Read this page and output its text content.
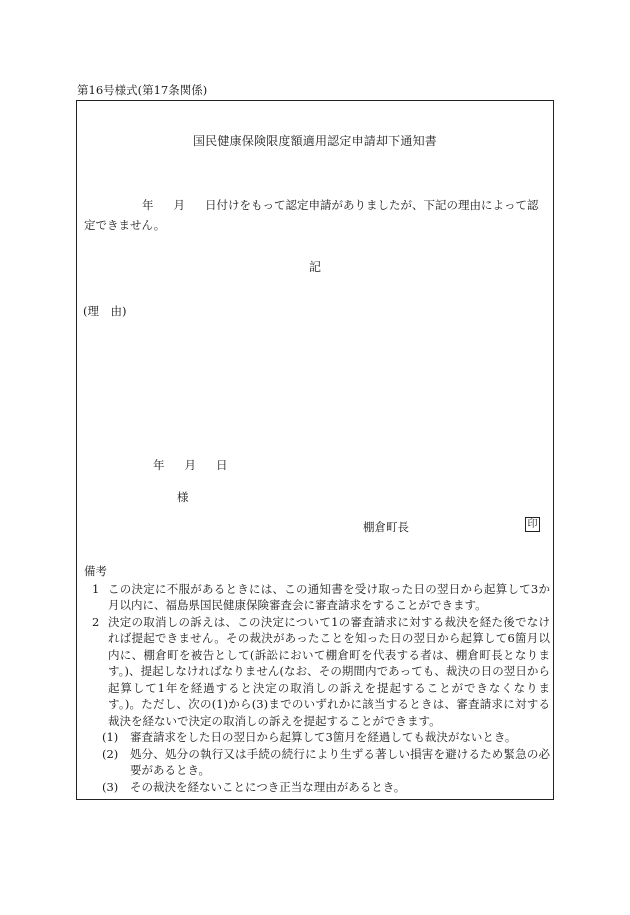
第16号様式(第17条関係)
国民健康保険限度額適用認定申請却下通知書
年 月 日付けをもって認定申請がありましたが、下記の理由によって認定できません。
記
(理　由)
年 月 日
様
棚倉町長	印
備考
1 この決定に不服があるときには、この通知書を受け取った日の翌日から起算して3か月以内に、福島県国民健康保険審査会に審査請求をすることができます。
2 決定の取消しの訴えは、この決定について1の審査請求に対する裁決を経た後でなければ提起できません。その裁決があったことを知った日の翌日から起算して6箇月以内に、棚倉町を被告として(訴訟において棚倉町を代表する者は、棚倉町長となります。)、提起しなければなりません(なお、その期間内であっても、裁決の日の翌日から起算して1年を経過すると決定の取消しの訴えを提起することができなくなります。)。ただし、次の(1)から(3)までのいずれかに該当するときは、審査請求に対する裁決を経ないで決定の取消しの訴えを提起することができます。
(1) 審査請求をした日の翌日から起算して3箇月を経過しても裁決がないとき。
(2) 処分、処分の執行又は手続の続行により生ずる著しい損害を避けるため緊急の必要があるとき。
(3) その裁決を経ないことにつき正当な理由があるとき。
